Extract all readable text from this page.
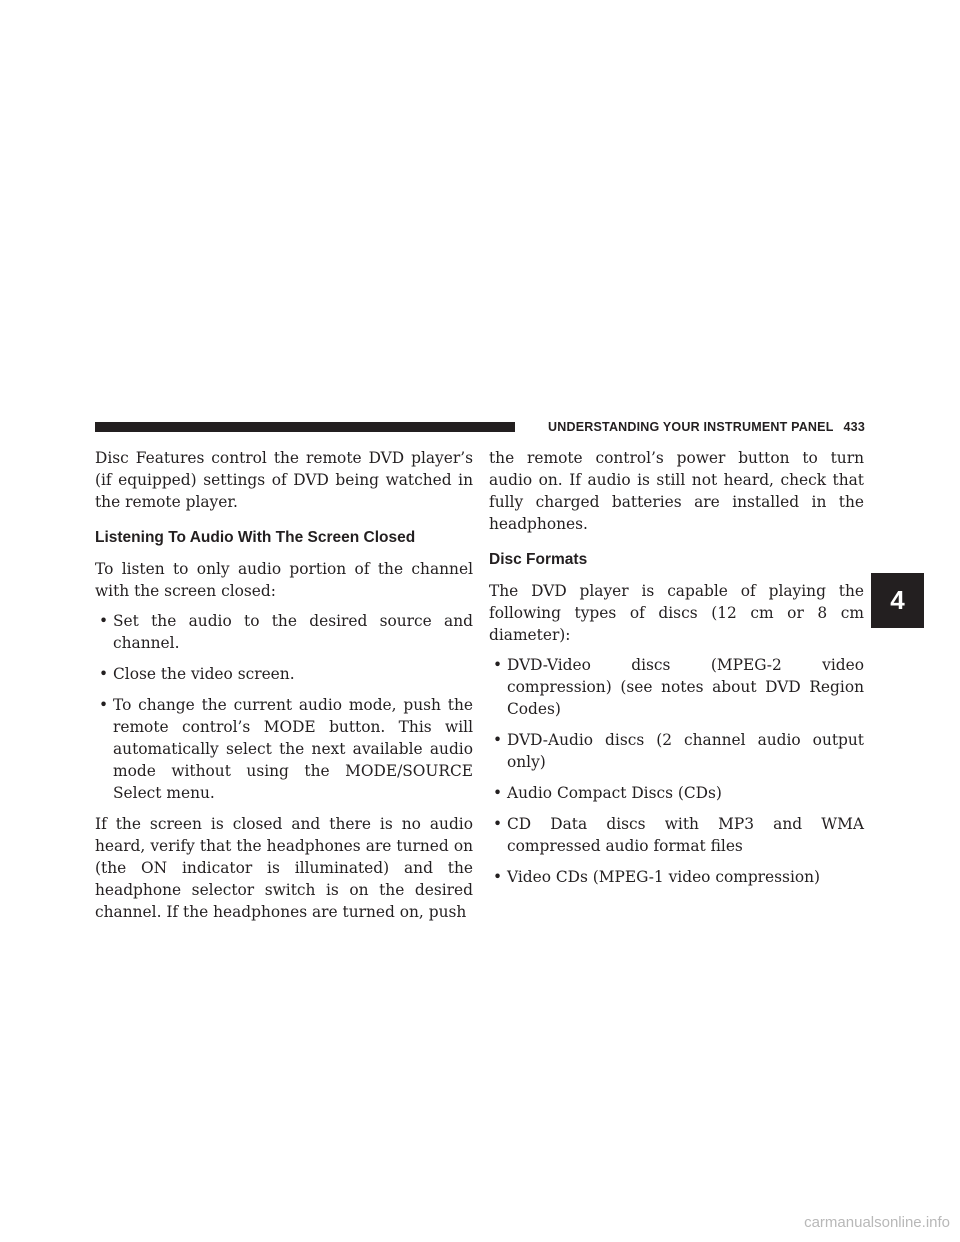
UNDERSTANDING YOUR INSTRUMENT PANEL 433

Disc Features control the remote DVD player’s (if equipped) settings of DVD being watched in the remote player.

Listening To Audio With The Screen Closed

To listen to only audio portion of the channel with the screen closed:

• Set the audio to the desired source and channel.
• Close the video screen.
• To change the current audio mode, push the remote control’s MODE button. This will automatically select the next available audio mode without using the MODE/SOURCE Select menu.

If the screen is closed and there is no audio heard, verify that the headphones are turned on (the ON indicator is illuminated) and the headphone selector switch is on the desired channel. If the headphones are turned on, push

the remote control’s power button to turn audio on. If audio is still not heard, check that fully charged batteries are installed in the headphones.

Disc Formats

The DVD player is capable of playing the following types of discs (12 cm or 8 cm diameter):

• DVD-Video discs (MPEG-2 video compression) (see notes about DVD Region Codes)
• DVD-Audio discs (2 channel audio output only)
• Audio Compact Discs (CDs)
• CD Data discs with MP3 and WMA compressed audio format files
• Video CDs (MPEG-1 video compression)
4
carmanualsonline.info
